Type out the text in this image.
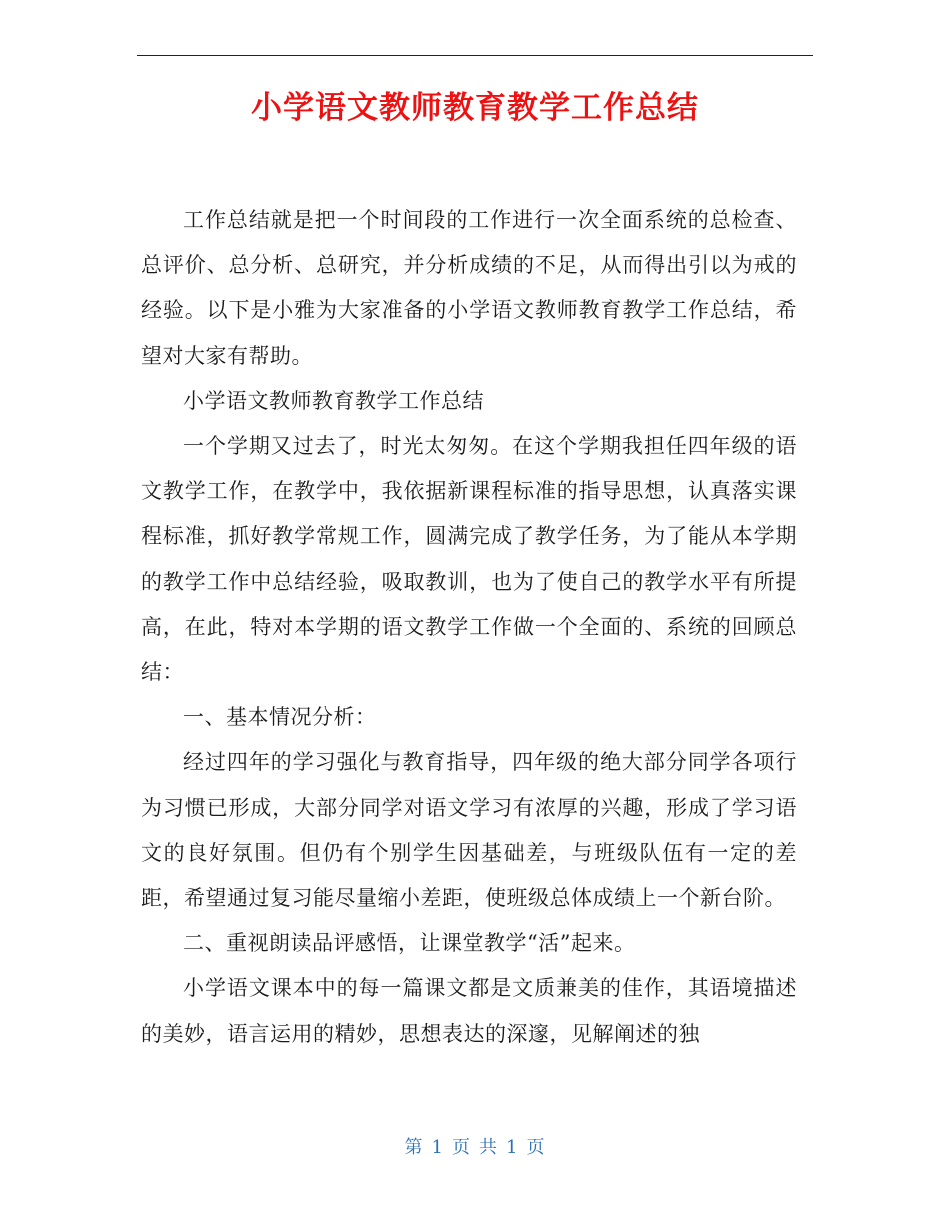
小学语文教师教育教学工作总结

工作总结就是把一个时间段的工作进行一次全面系统的总检查、总评价、总分析、总研究，并分析成绩的不足，从而得出引以为戒的经验。以下是小雅为大家准备的小学语文教师教育教学工作总结，希望对大家有帮助。

小学语文教师教育教学工作总结

一个学期又过去了，时光太匆匆。在这个学期我担任四年级的语文教学工作，在教学中，我依据新课程标准的指导思想，认真落实课程标准，抓好教学常规工作，圆满完成了教学任务，为了能从本学期的教学工作中总结经验，吸取教训，也为了使自己的教学水平有所提高，在此，特对本学期的语文教学工作做一个全面的、系统的回顾总结：

一、基本情况分析：

经过四年的学习强化与教育指导，四年级的绝大部分同学各项行为习惯已形成，大部分同学对语文学习有浓厚的兴趣，形成了学习语文的良好氛围。但仍有个别学生因基础差，与班级队伍有一定的差距，希望通过复习能尽量缩小差距，使班级总体成绩上一个新台阶。

二、重视朗读品评感悟，让课堂教学“活”起来。

小学语文课本中的每一篇课文都是文质兼美的佳作，其语境描述的美妙，语言运用的精妙，思想表达的深邃，见解阐述的独

第 1 页 共 1 页
